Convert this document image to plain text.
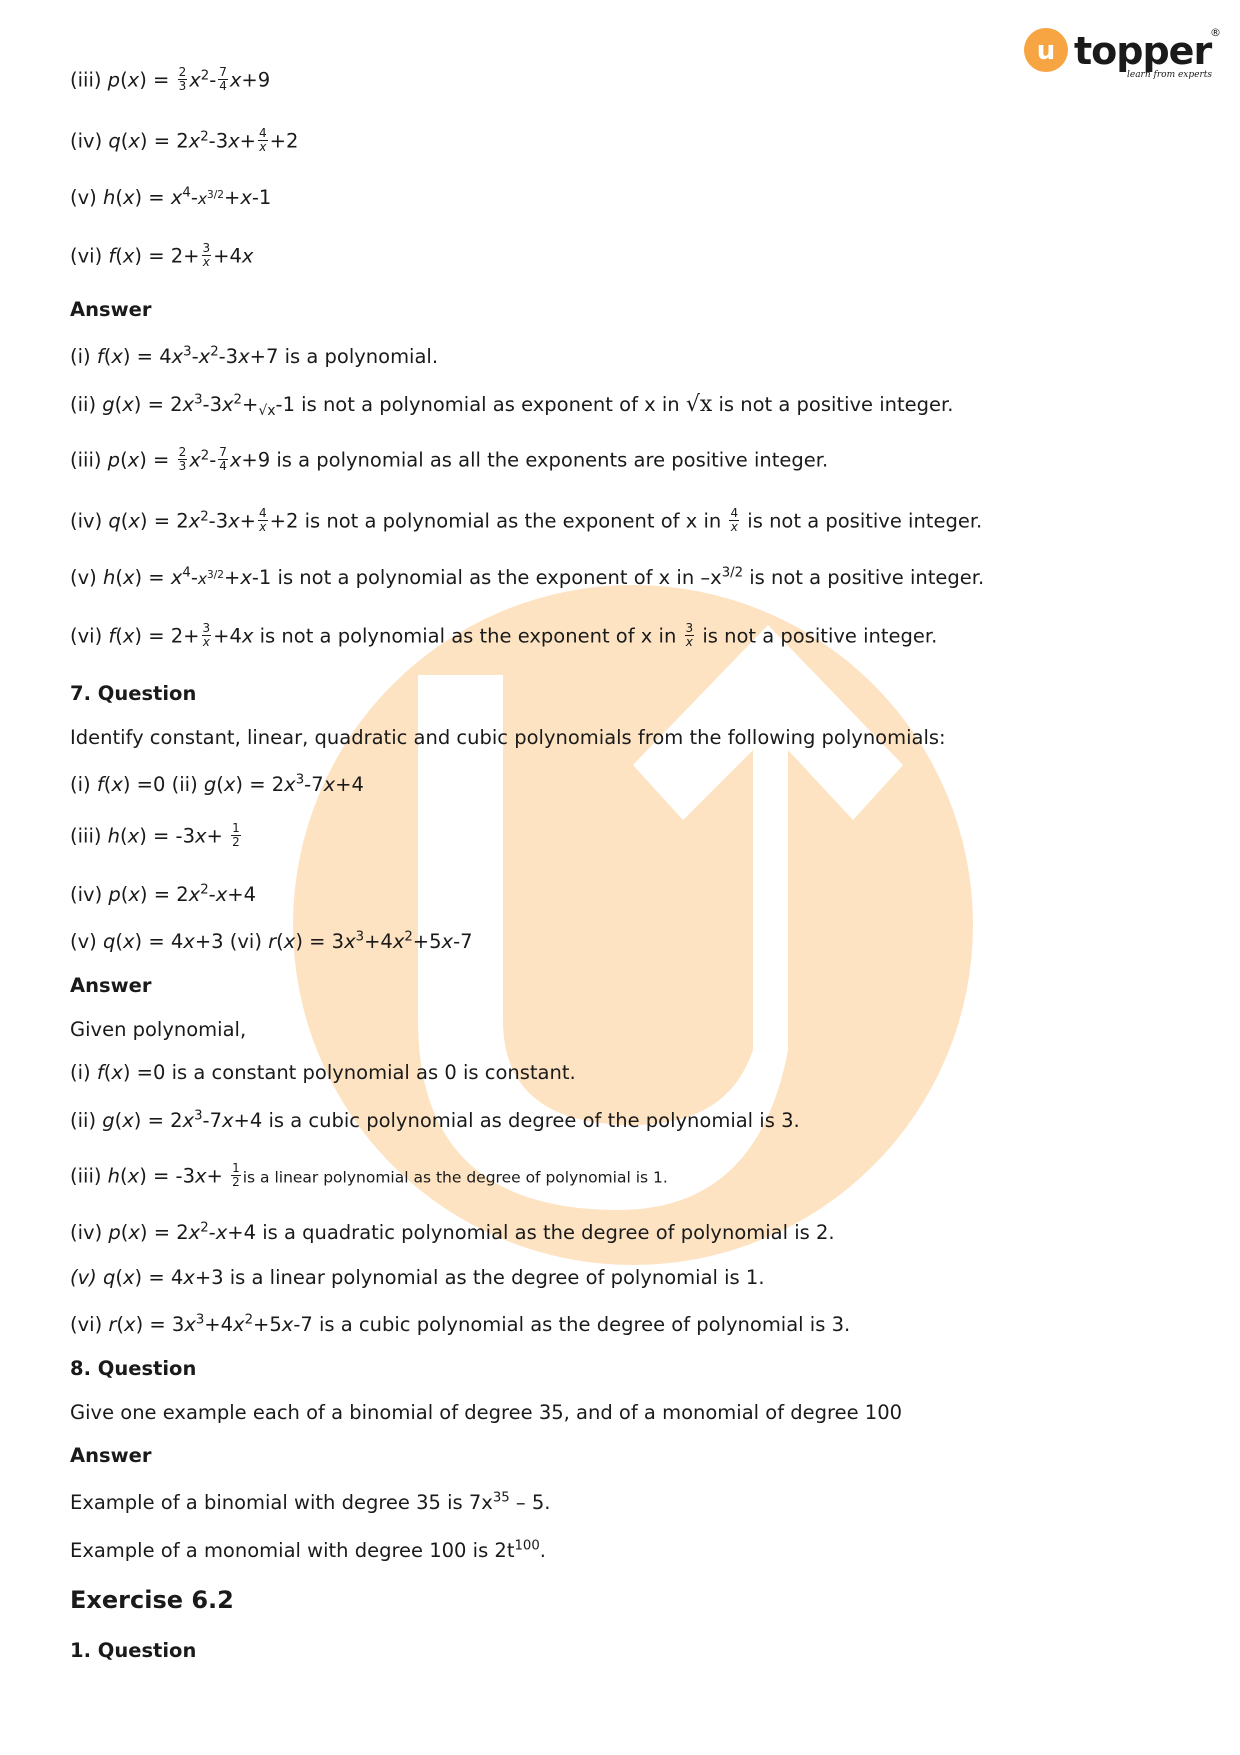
u topper
®
learn from experts
(iii) $p(x) = \frac{2}{3} x^2- \frac{7}{4} x+9$
(iv) $q(x) = 2x^2-3x+ \frac{4}{x} +2$
(v) $h(x) = x^4-x^{3/2}+x-1$
(vi) $f(x) = 2+ \frac{3}{x} +4x$
Answer
(i) $f(x) = 4x^3-x^2-3x+7$ is a polynomial.
(ii) $g(x) = 2x^3-3x^2+_{√x}-1$ is not a polynomial as exponent of x in √x is not a positive integer.
(iii) $p(x) = \frac{2}{3} x^2- \frac{7}{4} x+9$ is a polynomial as all the exponents are positive integer.
(iv) $q(x) = 2x^2-3x+ \frac{4}{x} +2$ is not a polynomial as the exponent of x in $\frac{4}{x}$ is not a positive integer.
(v) $h(x) = x^4-x^{3/2}+x-1$ is not a polynomial as the exponent of x in $-x^{3/2}$ is not a positive integer.
(vi) $f(x) = 2+ \frac{3}{x} +4x$ is not a polynomial as the exponent of x in $\frac{3}{x}$ is not a positive integer.
7. Question
Identify constant, linear, quadratic and cubic polynomials from the following polynomials:
(i) f(x) =0 (ii) $g(x) = 2x^3-7x+4$
(iii) $h(x) = -3x+ \frac{1}{2}$
(iv) $p(x) = 2x^2-x+4$
(v) q(x) = 4x+3 (vi) $r(x) = 3x^3+4x^2+5x-7$
Answer
Given polynomial,
(i) f(x) =0 is a constant polynomial as 0 is constant.
(ii) $g(x) = 2x^3-7x+4$ is a cubic polynomial as degree of the polynomial is 3.
(iii) $h(x) = -3x+ \frac{1}{2}$ is a linear polynomial as the degree of polynomial is 1.
(iv) $p(x) = 2x^2-x+4$ is a quadratic polynomial as the degree of polynomial is 2.
(v) q(x) = 4x+3 is a linear polynomial as the degree of polynomial is 1.
(vi) $r(x) = 3x^3+4x^2+5x-7$ is a cubic polynomial as the degree of polynomial is 3.
8. Question
Give one example each of a binomial of degree 35, and of a monomial of degree 100
Answer
Example of a binomial with degree 35 is $7x^{35} - 5$.
Example of a monomial with degree 100 is $2t^{100}$.
Exercise 6.2
1. Question
